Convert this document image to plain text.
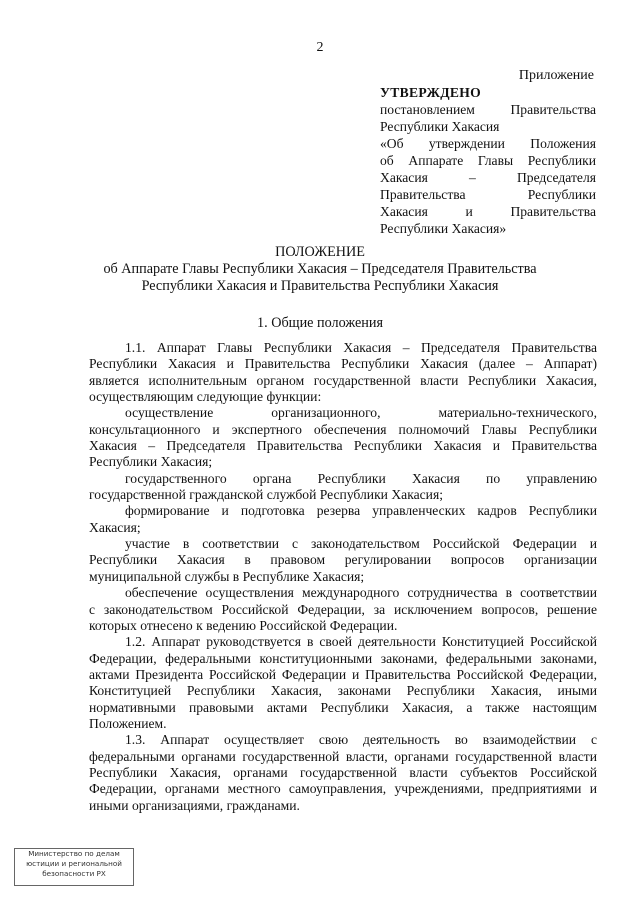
2
Приложение
УТВЕРЖДЕНО
постановлением Правительства
Республики Хакасия
«Об утверждении Положения
об Аппарате Главы Республики
Хакасия – Председателя
Правительства Республики
Хакасия и Правительства
Республики Хакасия»
ПОЛОЖЕНИЕ
об Аппарате Главы Республики Хакасия – Председателя Правительства
Республики Хакасия и Правительства Республики Хакасия
1. Общие положения
1.1. Аппарат Главы Республики Хакасия – Председателя Правительства
Республики Хакасия и Правительства Республики Хакасия (далее – Аппарат)
является исполнительным органом государственной власти Республики Хакасия,
осуществляющим следующие функции:
осуществление организационного, материально-технического,
консультационного и экспертного обеспечения полномочий Главы Республики
Хакасия – Председателя Правительства Республики Хакасия и Правительства
Республики Хакасия;
государственного органа Республики Хакасия по управлению
государственной гражданской службой Республики Хакасия;
формирование и подготовка резерва управленческих кадров Республики
Хакасия;
участие в соответствии с законодательством Российской Федерации и
Республики Хакасия в правовом регулировании вопросов организации
муниципальной службы в Республике Хакасия;
обеспечение осуществления международного сотрудничества в соответствии
с законодательством Российской Федерации, за исключением вопросов, решение
которых отнесено к ведению Российской Федерации.
1.2. Аппарат руководствуется в своей деятельности Конституцией Российской
Федерации, федеральными конституционными законами, федеральными законами,
актами Президента Российской Федерации и Правительства Российской Федерации,
Конституцией Республики Хакасия, законами Республики Хакасия, иными
нормативными правовыми актами Республики Хакасия, а также настоящим
Положением.
1.3. Аппарат осуществляет свою деятельность во взаимодействии с
федеральными органами государственной власти, органами государственной власти
Республики Хакасия, органами государственной власти субъектов Российской
Федерации, органами местного самоуправления, учреждениями, предприятиями и
иными организациями, гражданами.
Министерство по делам юстиции и региональной безопасности РХ
